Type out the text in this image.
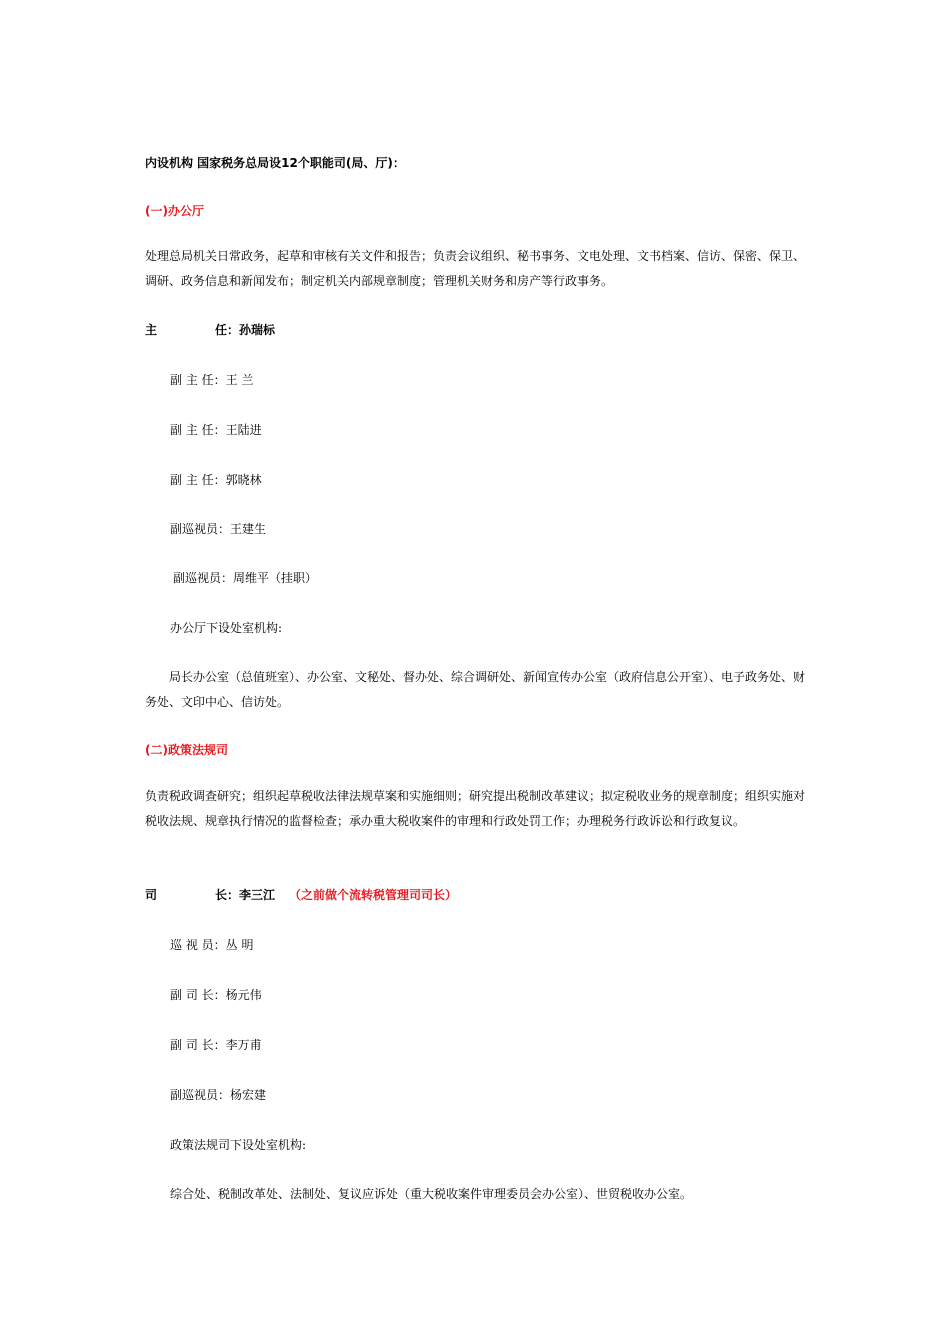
内设机构 国家税务总局设12个职能司(局、厅)：
(一)办公厅
处理总局机关日常政务，起草和审核有关文件和报告；负责会议组织、秘书事务、文电处理、文书档案、信访、保密、保卫、调研、政务信息和新闻发布；制定机关内部规章制度；管理机关财务和房产等行政事务。
主	任：孙瑞标
副 主 任：王 兰
副 主 任：王陆进
副 主 任：郭晓林
副巡视员：王建生
副巡视员：周维平（挂职）
办公厅下设处室机构:
局长办公室（总值班室）、办公室、文秘处、督办处、综合调研处、新闻宣传办公室（政府信息公开室）、电子政务处、财务处、文印中心、信访处。
(二)政策法规司
负责税政调查研究；组织起草税收法律法规草案和实施细则；研究提出税制改革建议；拟定税收业务的规章制度；组织实施对税收法规、规章执行情况的监督检查；承办重大税收案件的审理和行政处罚工作；办理税务行政诉讼和行政复议。
司	长：李三江 （之前做个流转税管理司司长）
巡 视 员：丛 明
副 司 长：杨元伟
副 司 长：李万甫
副巡视员：杨宏建
政策法规司下设处室机构:
综合处、税制改革处、法制处、复议应诉处（重大税收案件审理委员会办公室）、世贸税收办公室。
